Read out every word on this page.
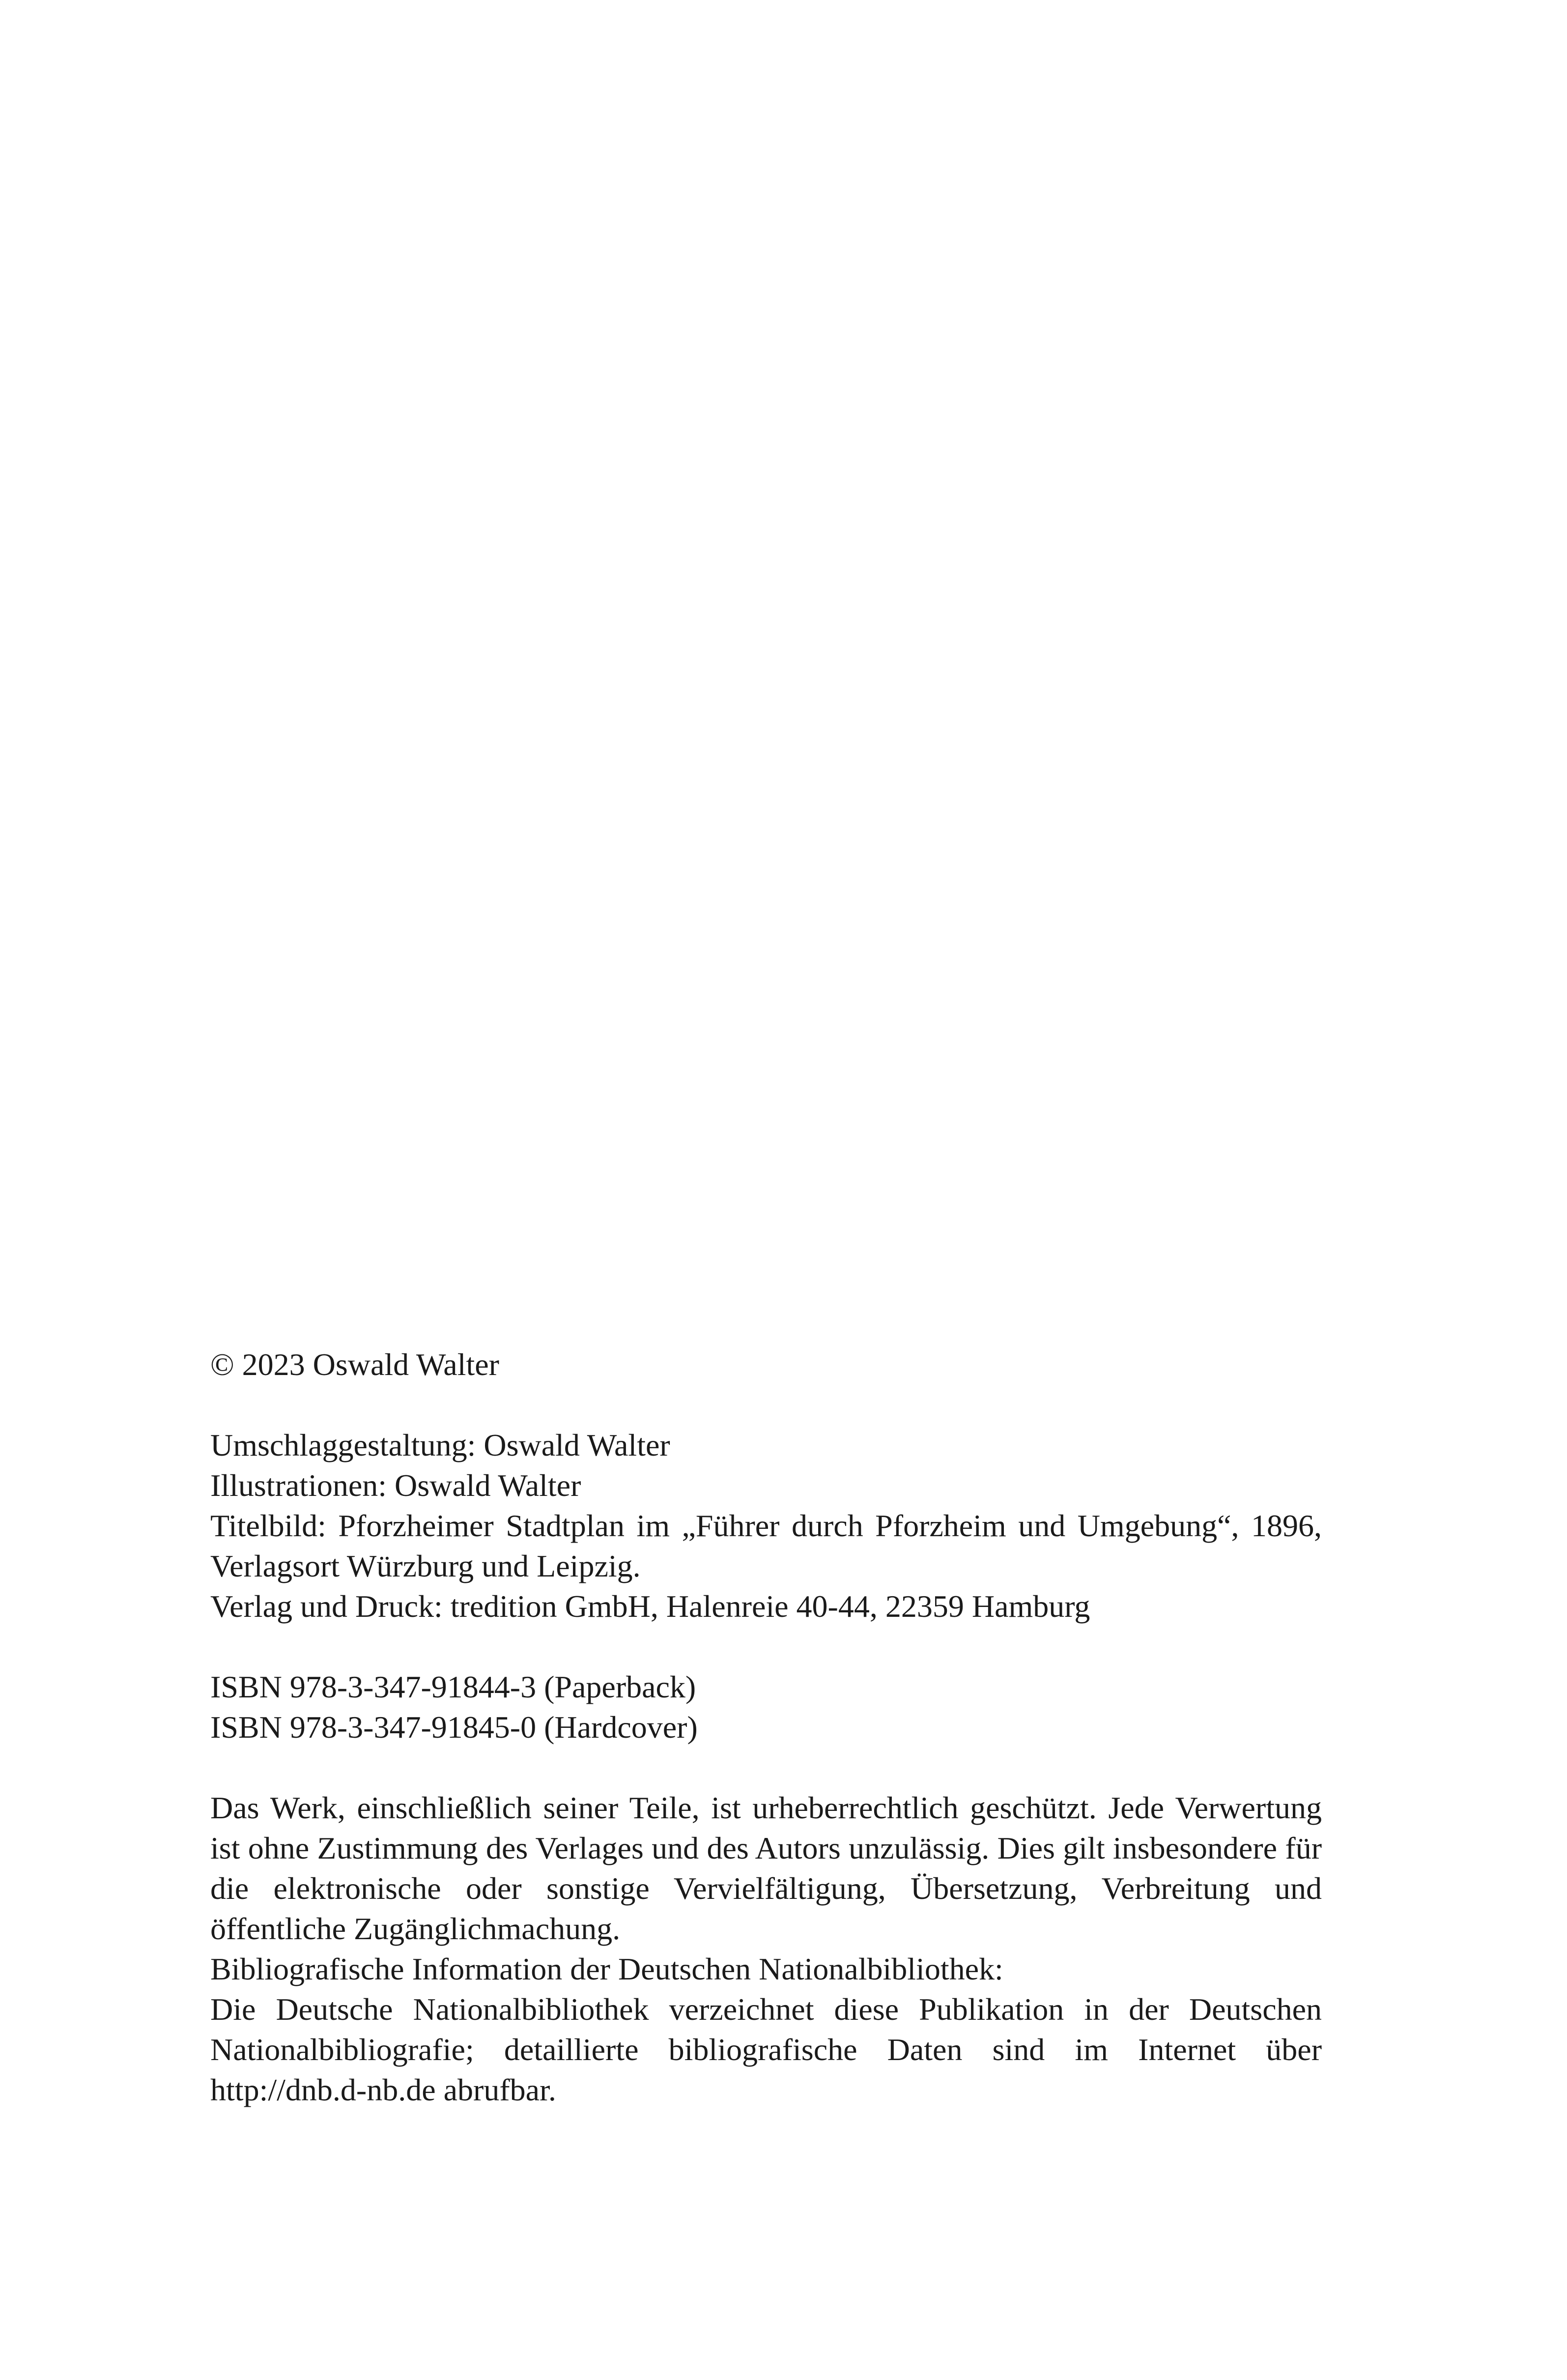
© 2023 Oswald Walter

Umschlaggestaltung: Oswald Walter

Illustrationen: Oswald Walter

Titelbild: Pforzheimer Stadtplan im „Führer durch Pforzheim und Umgebung“, 1896, Verlagsort Würzburg und Leipzig.

Verlag und Druck: tredition GmbH, Halenreie 40-44, 22359 Hamburg

ISBN 978-3-347-91844-3 (Paperback)

ISBN 978-3-347-91845-0 (Hardcover)

Das Werk, einschließlich seiner Teile, ist urheberrechtlich geschützt. Jede Verwertung ist ohne Zustimmung des Verlages und des Autors unzulässig. Dies gilt insbesondere für die elektronische oder sonstige Vervielfältigung, Übersetzung, Verbreitung und öffentliche Zugänglichmachung.

Bibliografische Information der Deutschen Nationalbibliothek:

Die Deutsche Nationalbibliothek verzeichnet diese Publikation in der Deutschen Nationalbibliografie; detaillierte bibliografische Daten sind im Internet über http://dnb.d-nb.de abrufbar.
